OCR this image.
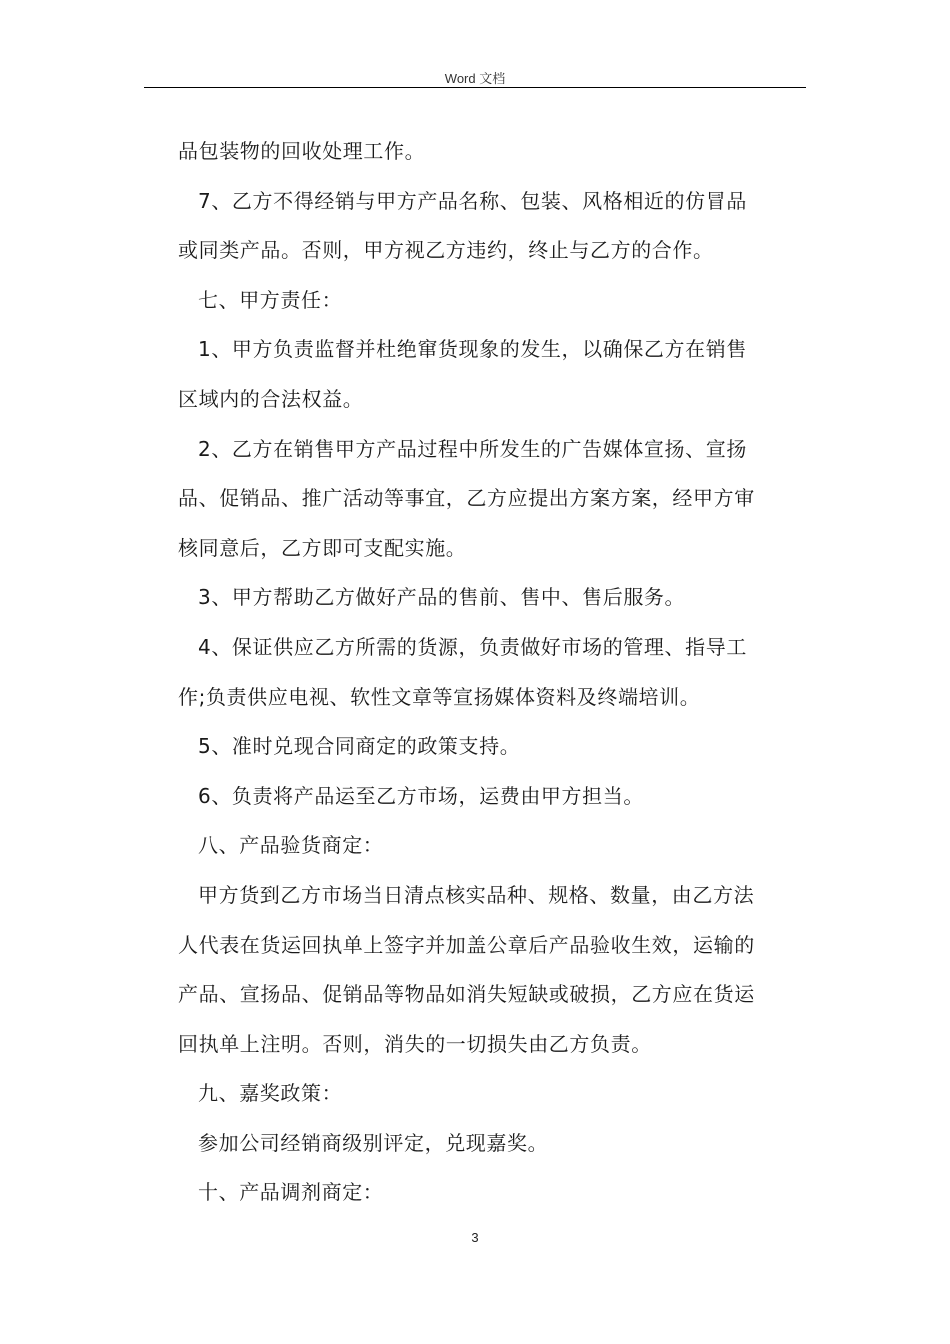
Word 文档

品包装物的回收处理工作。

7、乙方不得经销与甲方产品名称、包装、风格相近的仿冒品

或同类产品。否则，甲方视乙方违约，终止与乙方的合作。

七、甲方责任：

1、甲方负责监督并杜绝窜货现象的发生，以确保乙方在销售

区域内的合法权益。

2、乙方在销售甲方产品过程中所发生的广告媒体宣扬、宣扬

品、促销品、推广活动等事宜，乙方应提出方案方案，经甲方审

核同意后，乙方即可支配实施。

3、甲方帮助乙方做好产品的售前、售中、售后服务。

4、保证供应乙方所需的货源，负责做好市场的管理、指导工

作;负责供应电视、软性文章等宣扬媒体资料及终端培训。

5、准时兑现合同商定的政策支持。

6、负责将产品运至乙方市场，运费由甲方担当。

八、产品验货商定：

甲方货到乙方市场当日清点核实品种、规格、数量，由乙方法

人代表在货运回执单上签字并加盖公章后产品验收生效，运输的

产品、宣扬品、促销品等物品如消失短缺或破损，乙方应在货运

回执单上注明。否则，消失的一切损失由乙方负责。

九、嘉奖政策：

参加公司经销商级别评定，兑现嘉奖。

十、产品调剂商定：

3
